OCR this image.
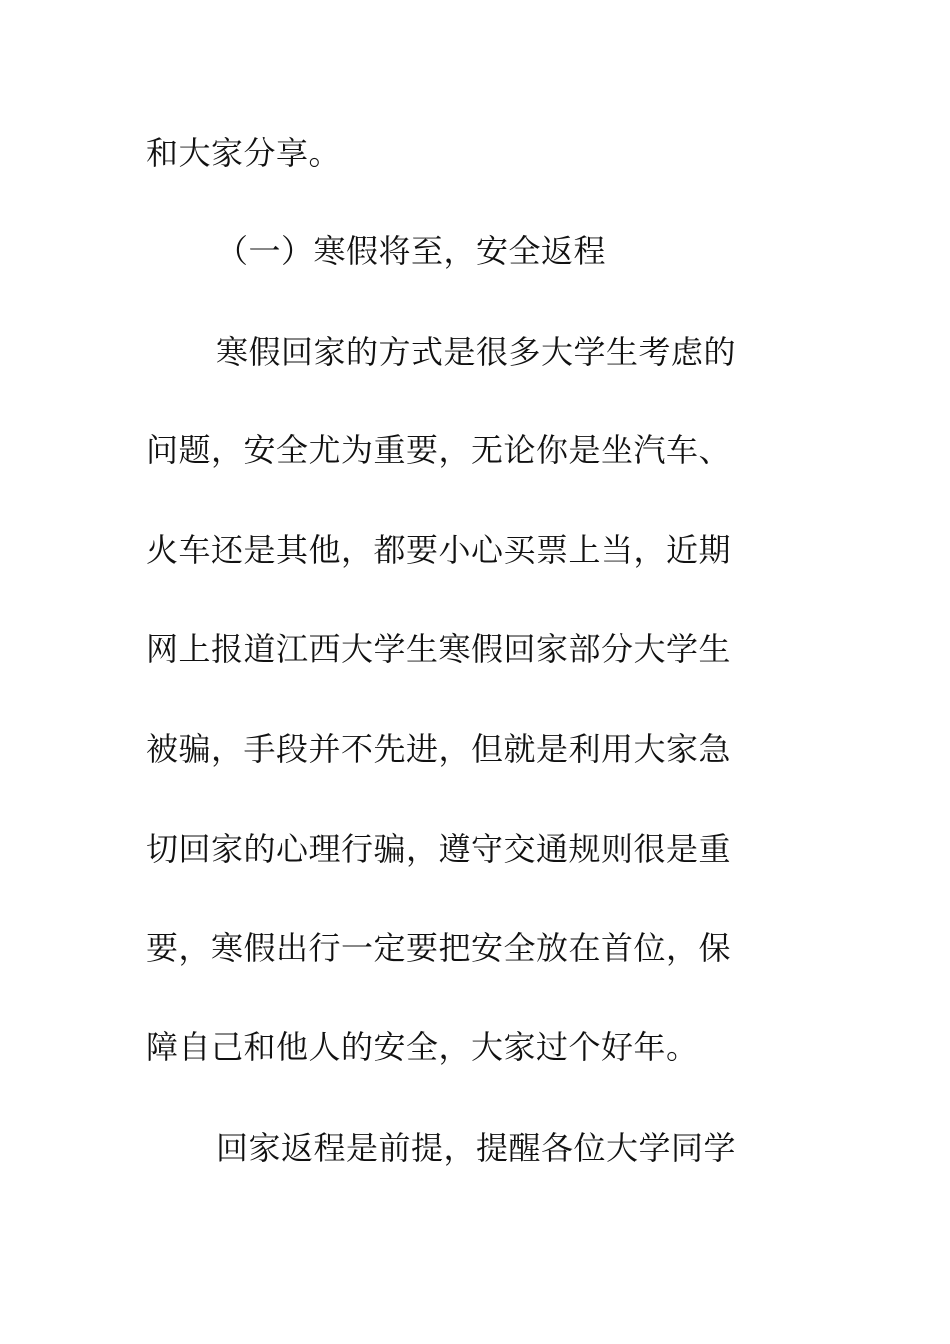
和大家分享。
（一）寒假将至，安全返程
寒假回家的方式是很多大学生考虑的
问题，安全尤为重要，无论你是坐汽车、
火车还是其他，都要小心买票上当，近期
网上报道江西大学生寒假回家部分大学生
被骗，手段并不先进，但就是利用大家急
切回家的心理行骗，遵守交通规则很是重
要，寒假出行一定要把安全放在首位，保
障自己和他人的安全，大家过个好年。
回家返程是前提，提醒各位大学同学
